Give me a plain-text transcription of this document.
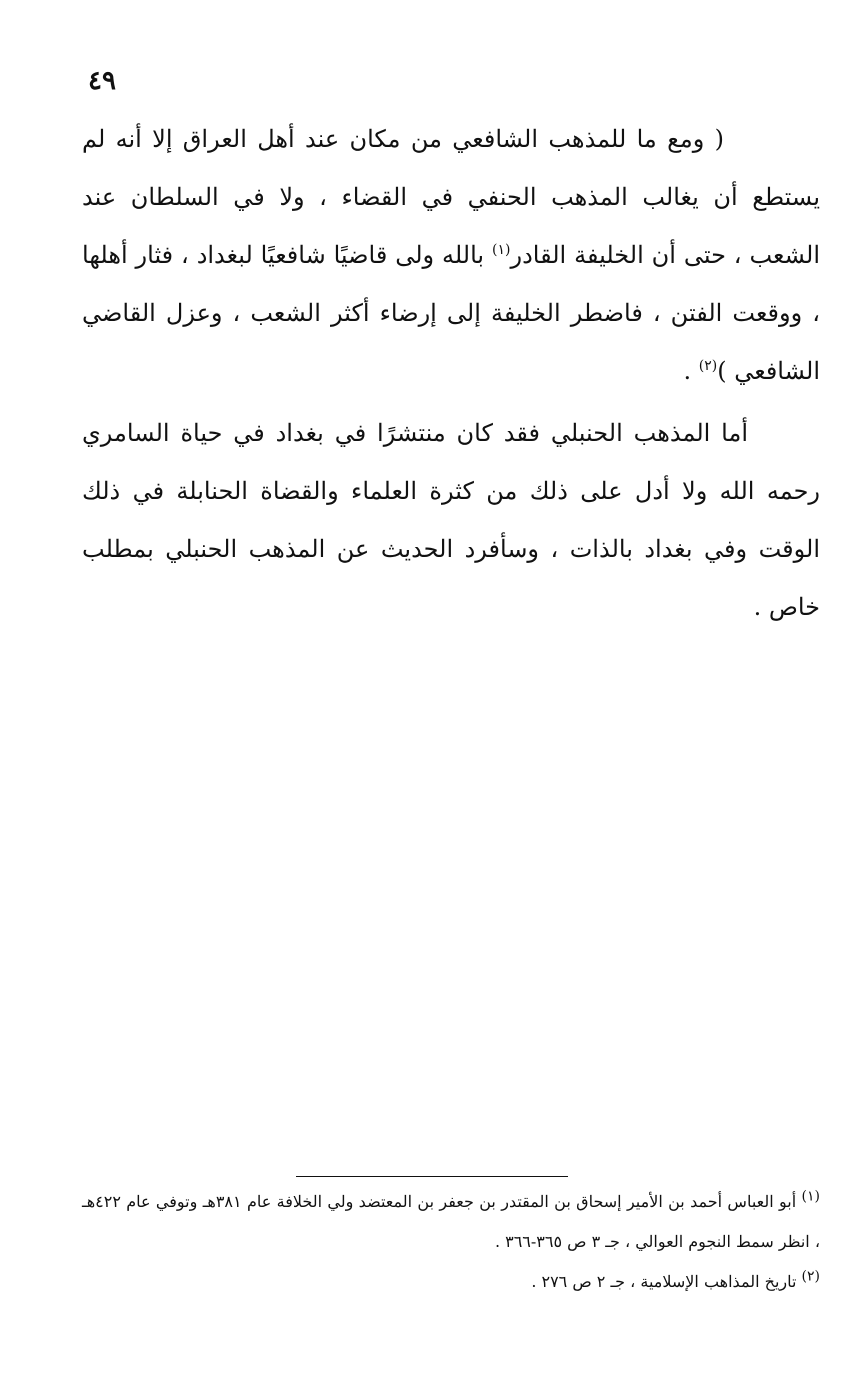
٤٩

( ومع ما للمذهب الشافعي من مكان عند أهل العراق إلا أنه لم يستطع أن يغالب المذهب الحنفي في القضاء ، ولا في السلطان عند الشعب ، حتى أن الخليفة القادر$^{(١)}$ بالله ولى قاضيًا شافعيًا لبغداد ، فثار أهلها ، ووقعت الفتن ، فاضطر الخليفة إلى إرضاء أكثر الشعب ، وعزل القاضي الشافعي )$^{(٢)}$ .

أما المذهب الحنبلي فقد كان منتشرًا في بغداد في حياة السامري رحمه الله ولا أدل على ذلك من كثرة العلماء والقضاة الحنابلة في ذلك الوقت وفي بغداد بالذات ، وسأفرد الحديث عن المذهب الحنبلي بمطلب خاص .

$^{(١)}$ أبو العباس أحمد بن الأمير إسحاق بن المقتدر بن جعفر بن المعتضد ولي الخلافة عام ٣٨١هـ وتوفي عام ٤٢٢هـ ، انظر سمط النجوم العوالي ، جـ ٣ ص ٣٦٥-٣٦٦ .

$^{(٢)}$ تاريخ المذاهب الإسلامية ، جـ ٢ ص ٢٧٦ .
